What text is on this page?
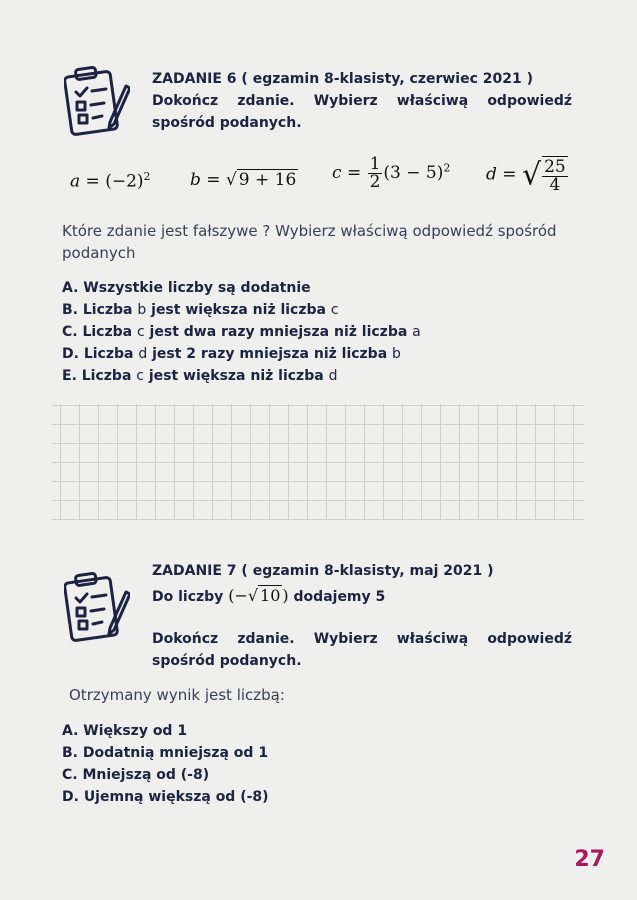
ZADANIE 6 ( egzamin 8-klasisty, czerwiec 2021 )
Dokończ zdanie. Wybierz właściwą odpowiedź
spośród podanych.
$a = (-2)^2$ b = √ 9 + 16 $c = \frac{1}{2} (3 - 5)^2$ d = √ $\frac{25}{4}$
Które zdanie jest fałszywe ? Wybierz właściwą odpowiedź spośród
podanych
A. Wszystkie liczby są dodatnie
B. Liczba b jest większa niż liczba c
C. Liczba c jest dwa razy mniejsza niż liczba a
D. Liczba d jest 2 razy mniejsza niż liczba b
E. Liczba c jest większa niż liczba d
ZADANIE 7 ( egzamin 8-klasisty, maj 2021 )
Do liczby (−√ 10 ) dodajemy 5
Dokończ zdanie. Wybierz właściwą odpowiedź
spośród podanych.
Otrzymany wynik jest liczbą:
A. Większy od 1
B. Dodatnią mniejszą od 1
C. Mniejszą od (-8)
D. Ujemną większą od (-8)
27
